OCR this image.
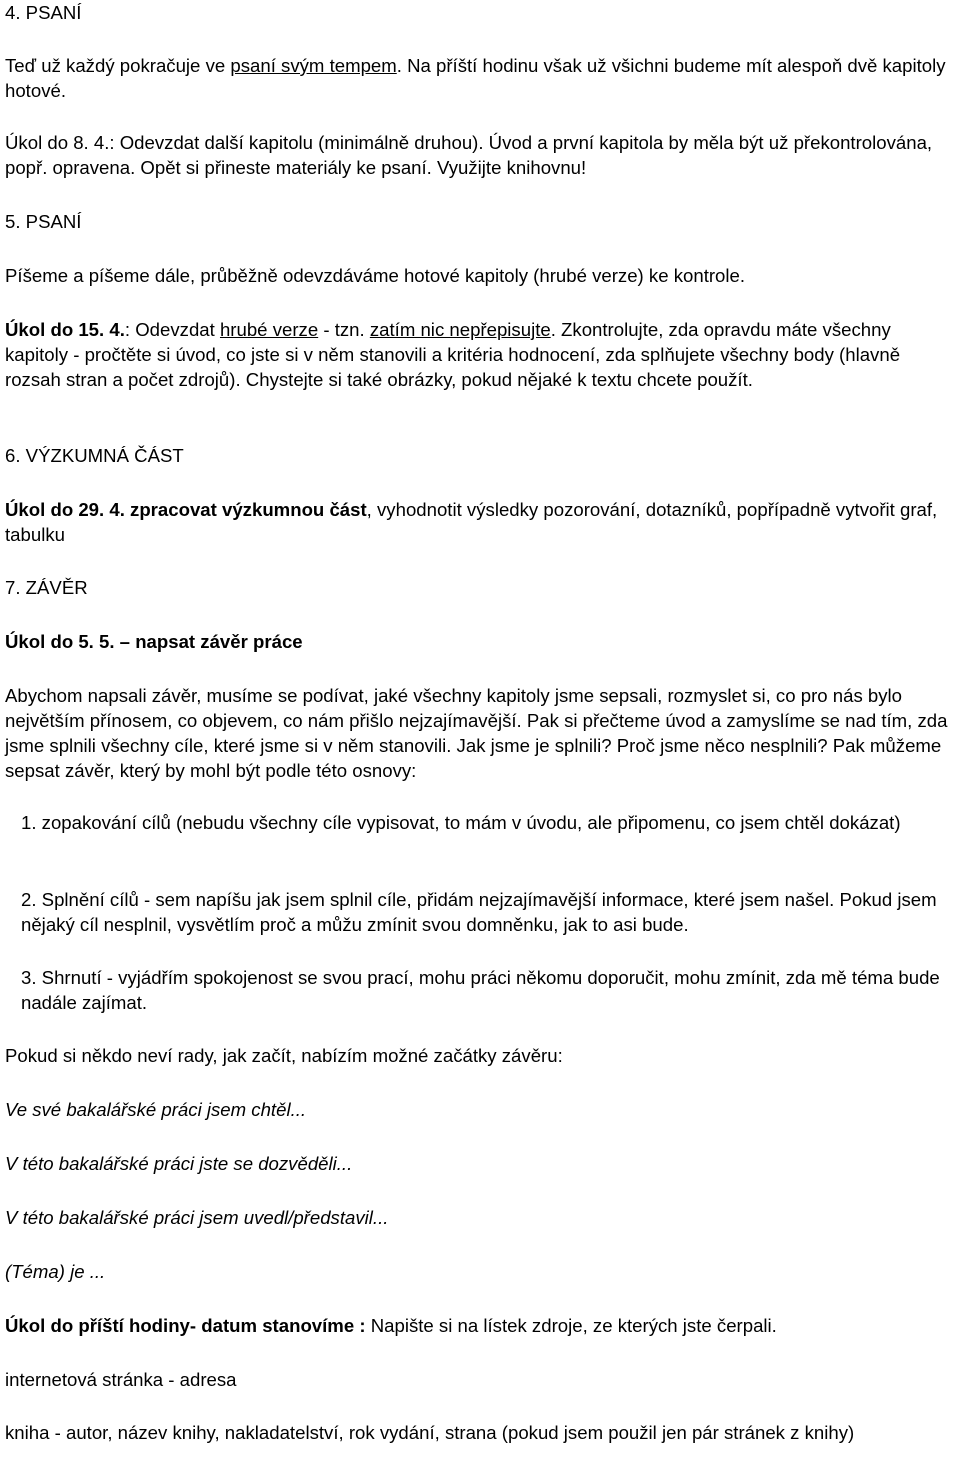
4. PSANÍ

Teď už každý pokračuje ve psaní svým tempem. Na příští hodinu však už všichni budeme mít alespoň dvě kapitoly hotové.

Úkol do 8. 4.: Odevzdat další kapitolu (minimálně druhou). Úvod a první kapitola by měla být už překontrolována, popř. opravena. Opět si přineste materiály ke psaní. Využijte knihovnu!

5. PSANÍ

Píšeme a píšeme dále, průběžně odevzdáváme hotové kapitoly (hrubé verze) ke kontrole.

Úkol do 15. 4.: Odevzdat hrubé verze - tzn. zatím nic nepřepisujte. Zkontrolujte, zda opravdu máte všechny kapitoly - pročtěte si úvod, co jste si v něm stanovili a kritéria hodnocení, zda splňujete všechny body (hlavně rozsah stran a počet zdrojů). Chystejte si také obrázky, pokud nějaké k textu chcete použít.

6. VÝZKUMNÁ ČÁST

Úkol do 29. 4. zpracovat výzkumnou část, vyhodnotit výsledky pozorování, dotazníků, popřípadně vytvořit graf, tabulku

7. ZÁVĚR

Úkol do 5. 5. – napsat závěr práce

Abychom napsali závěr, musíme se podívat, jaké všechny kapitoly jsme sepsali, rozmyslet si, co pro nás bylo největším přínosem, co objevem, co nám přišlo nejzajímavější. Pak si přečteme úvod a zamyslíme se nad tím, zda jsme splnili všechny cíle, které jsme si v něm stanovili. Jak jsme je splnili? Proč jsme něco nesplnili? Pak můžeme sepsat závěr, který by mohl být podle této osnovy:

1. zopakování cílů (nebudu všechny cíle vypisovat, to mám v úvodu, ale připomenu, co jsem chtěl dokázat)

2. Splnění cílů - sem napíšu jak jsem splnil cíle, přidám nejzajímavější informace, které jsem našel. Pokud jsem nějaký cíl nesplnil, vysvětlím proč a můžu zmínit svou domněnku, jak to asi bude.

3. Shrnutí - vyjádřím spokojenost se svou prací, mohu práci někomu doporučit, mohu zmínit, zda mě téma bude nadále zajímat.

Pokud si někdo neví rady, jak začít, nabízím možné začátky závěru:

Ve své bakalářské práci jsem chtěl...

V této bakalářské práci jste se dozvěděli...

V této bakalářské práci jsem uvedl/představil...

(Téma) je ...

Úkol do příští hodiny- datum stanovíme : Napište si na lístek zdroje, ze kterých jste čerpali.

internetová stránka - adresa

kniha - autor, název knihy, nakladatelství, rok vydání, strana (pokud jsem použil jen pár stránek z knihy)
